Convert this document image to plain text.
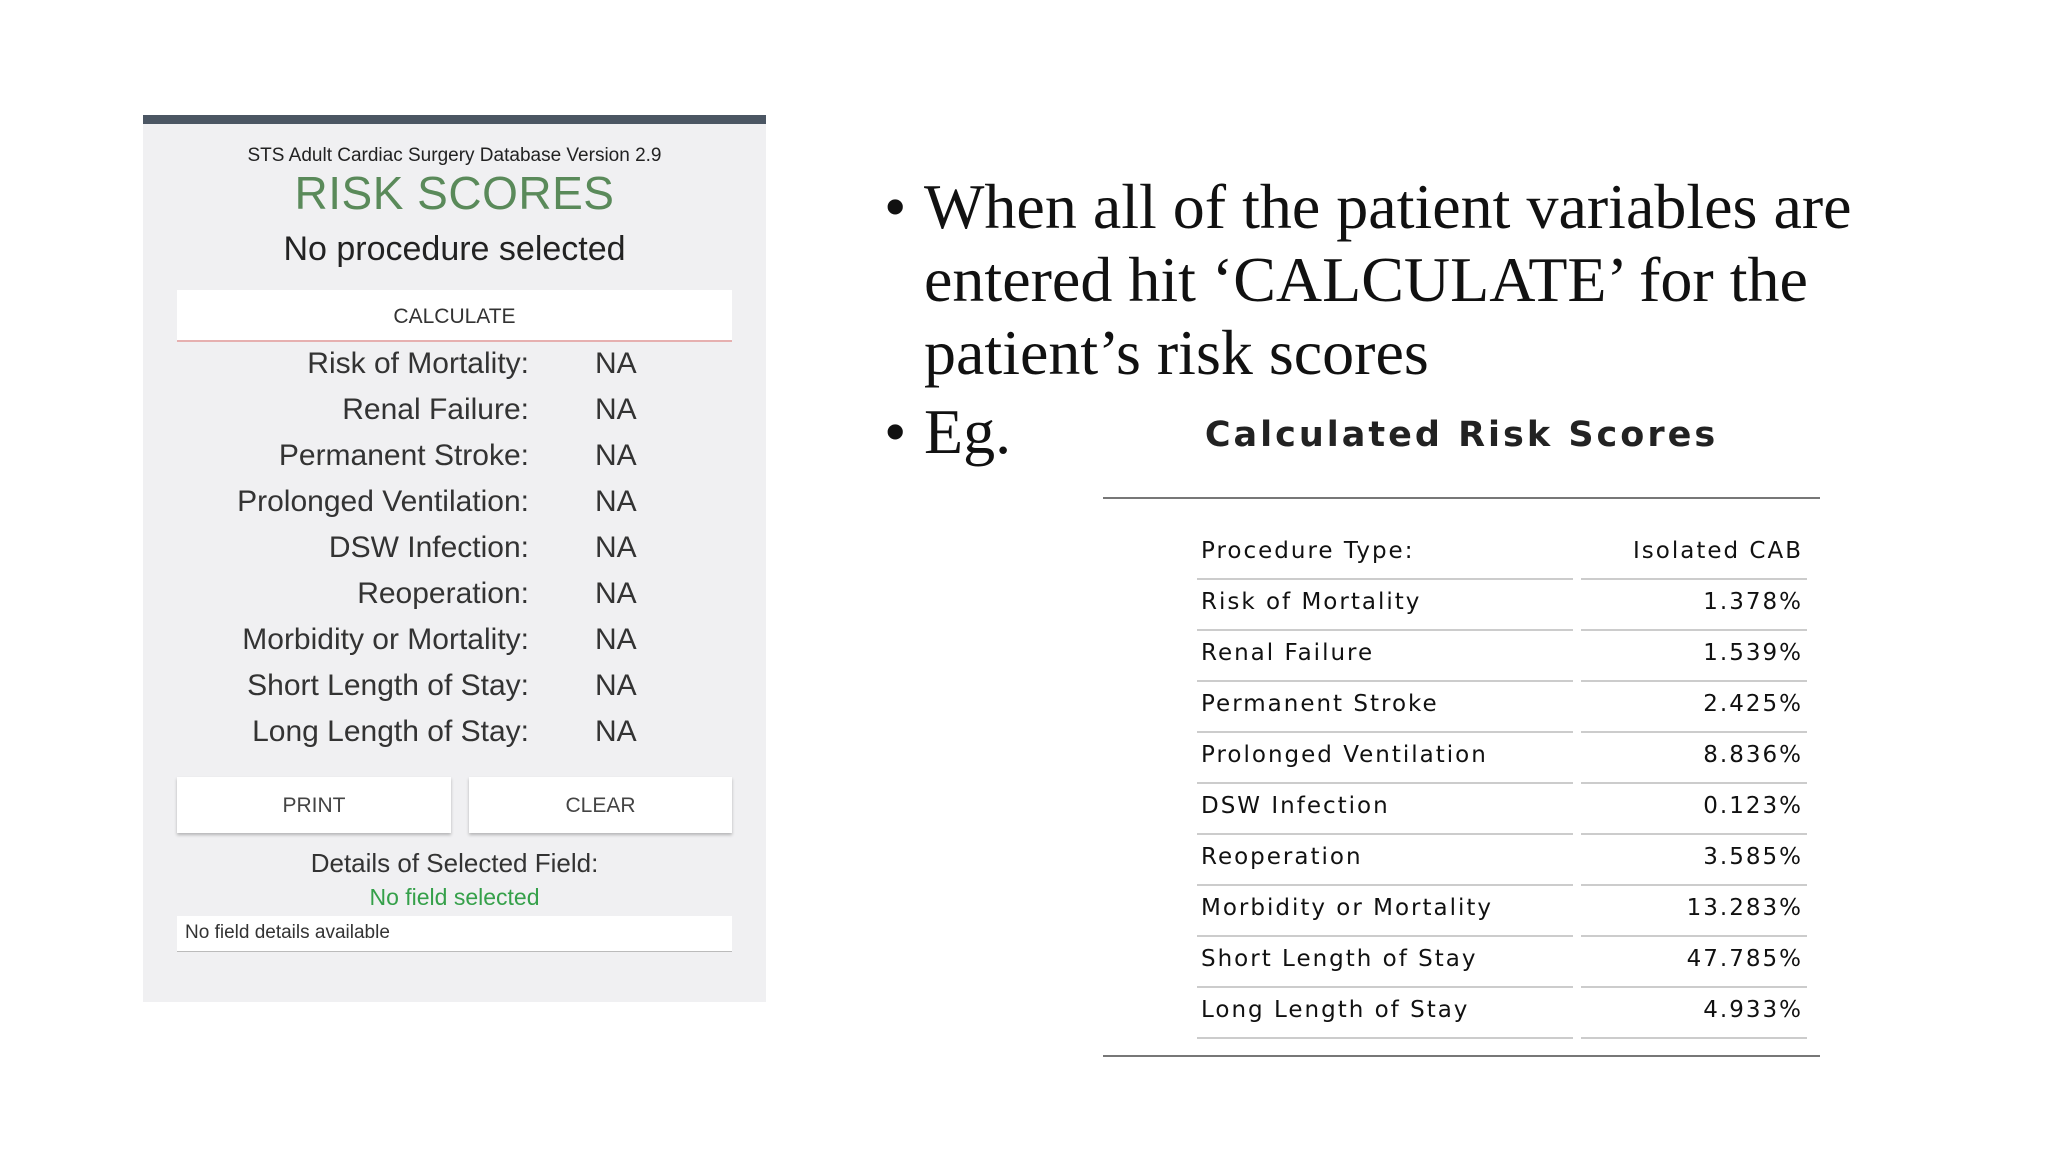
STS Adult Cardiac Surgery Database Version 2.9
RISK SCORES
No procedure selected
CALCULATE
Risk of Mortality: NA
Renal Failure: NA
Permanent Stroke: NA
Prolonged Ventilation: NA
DSW Infection: NA
Reoperation: NA
Morbidity or Mortality: NA
Short Length of Stay: NA
Long Length of Stay: NA
PRINT	CLEAR
Details of Selected Field:
No field selected
No field details available
• When all of the patient variables are entered hit ‘CALCULATE’ for the patient’s risk scores
• Eg.	Calculated Risk Scores
Procedure Type:	Isolated CAB
Risk of Mortality	1.378%
Renal Failure	1.539%
Permanent Stroke	2.425%
Prolonged Ventilation	8.836%
DSW Infection	0.123%
Reoperation	3.585%
Morbidity or Mortality	13.283%
Short Length of Stay	47.785%
Long Length of Stay	4.933%
